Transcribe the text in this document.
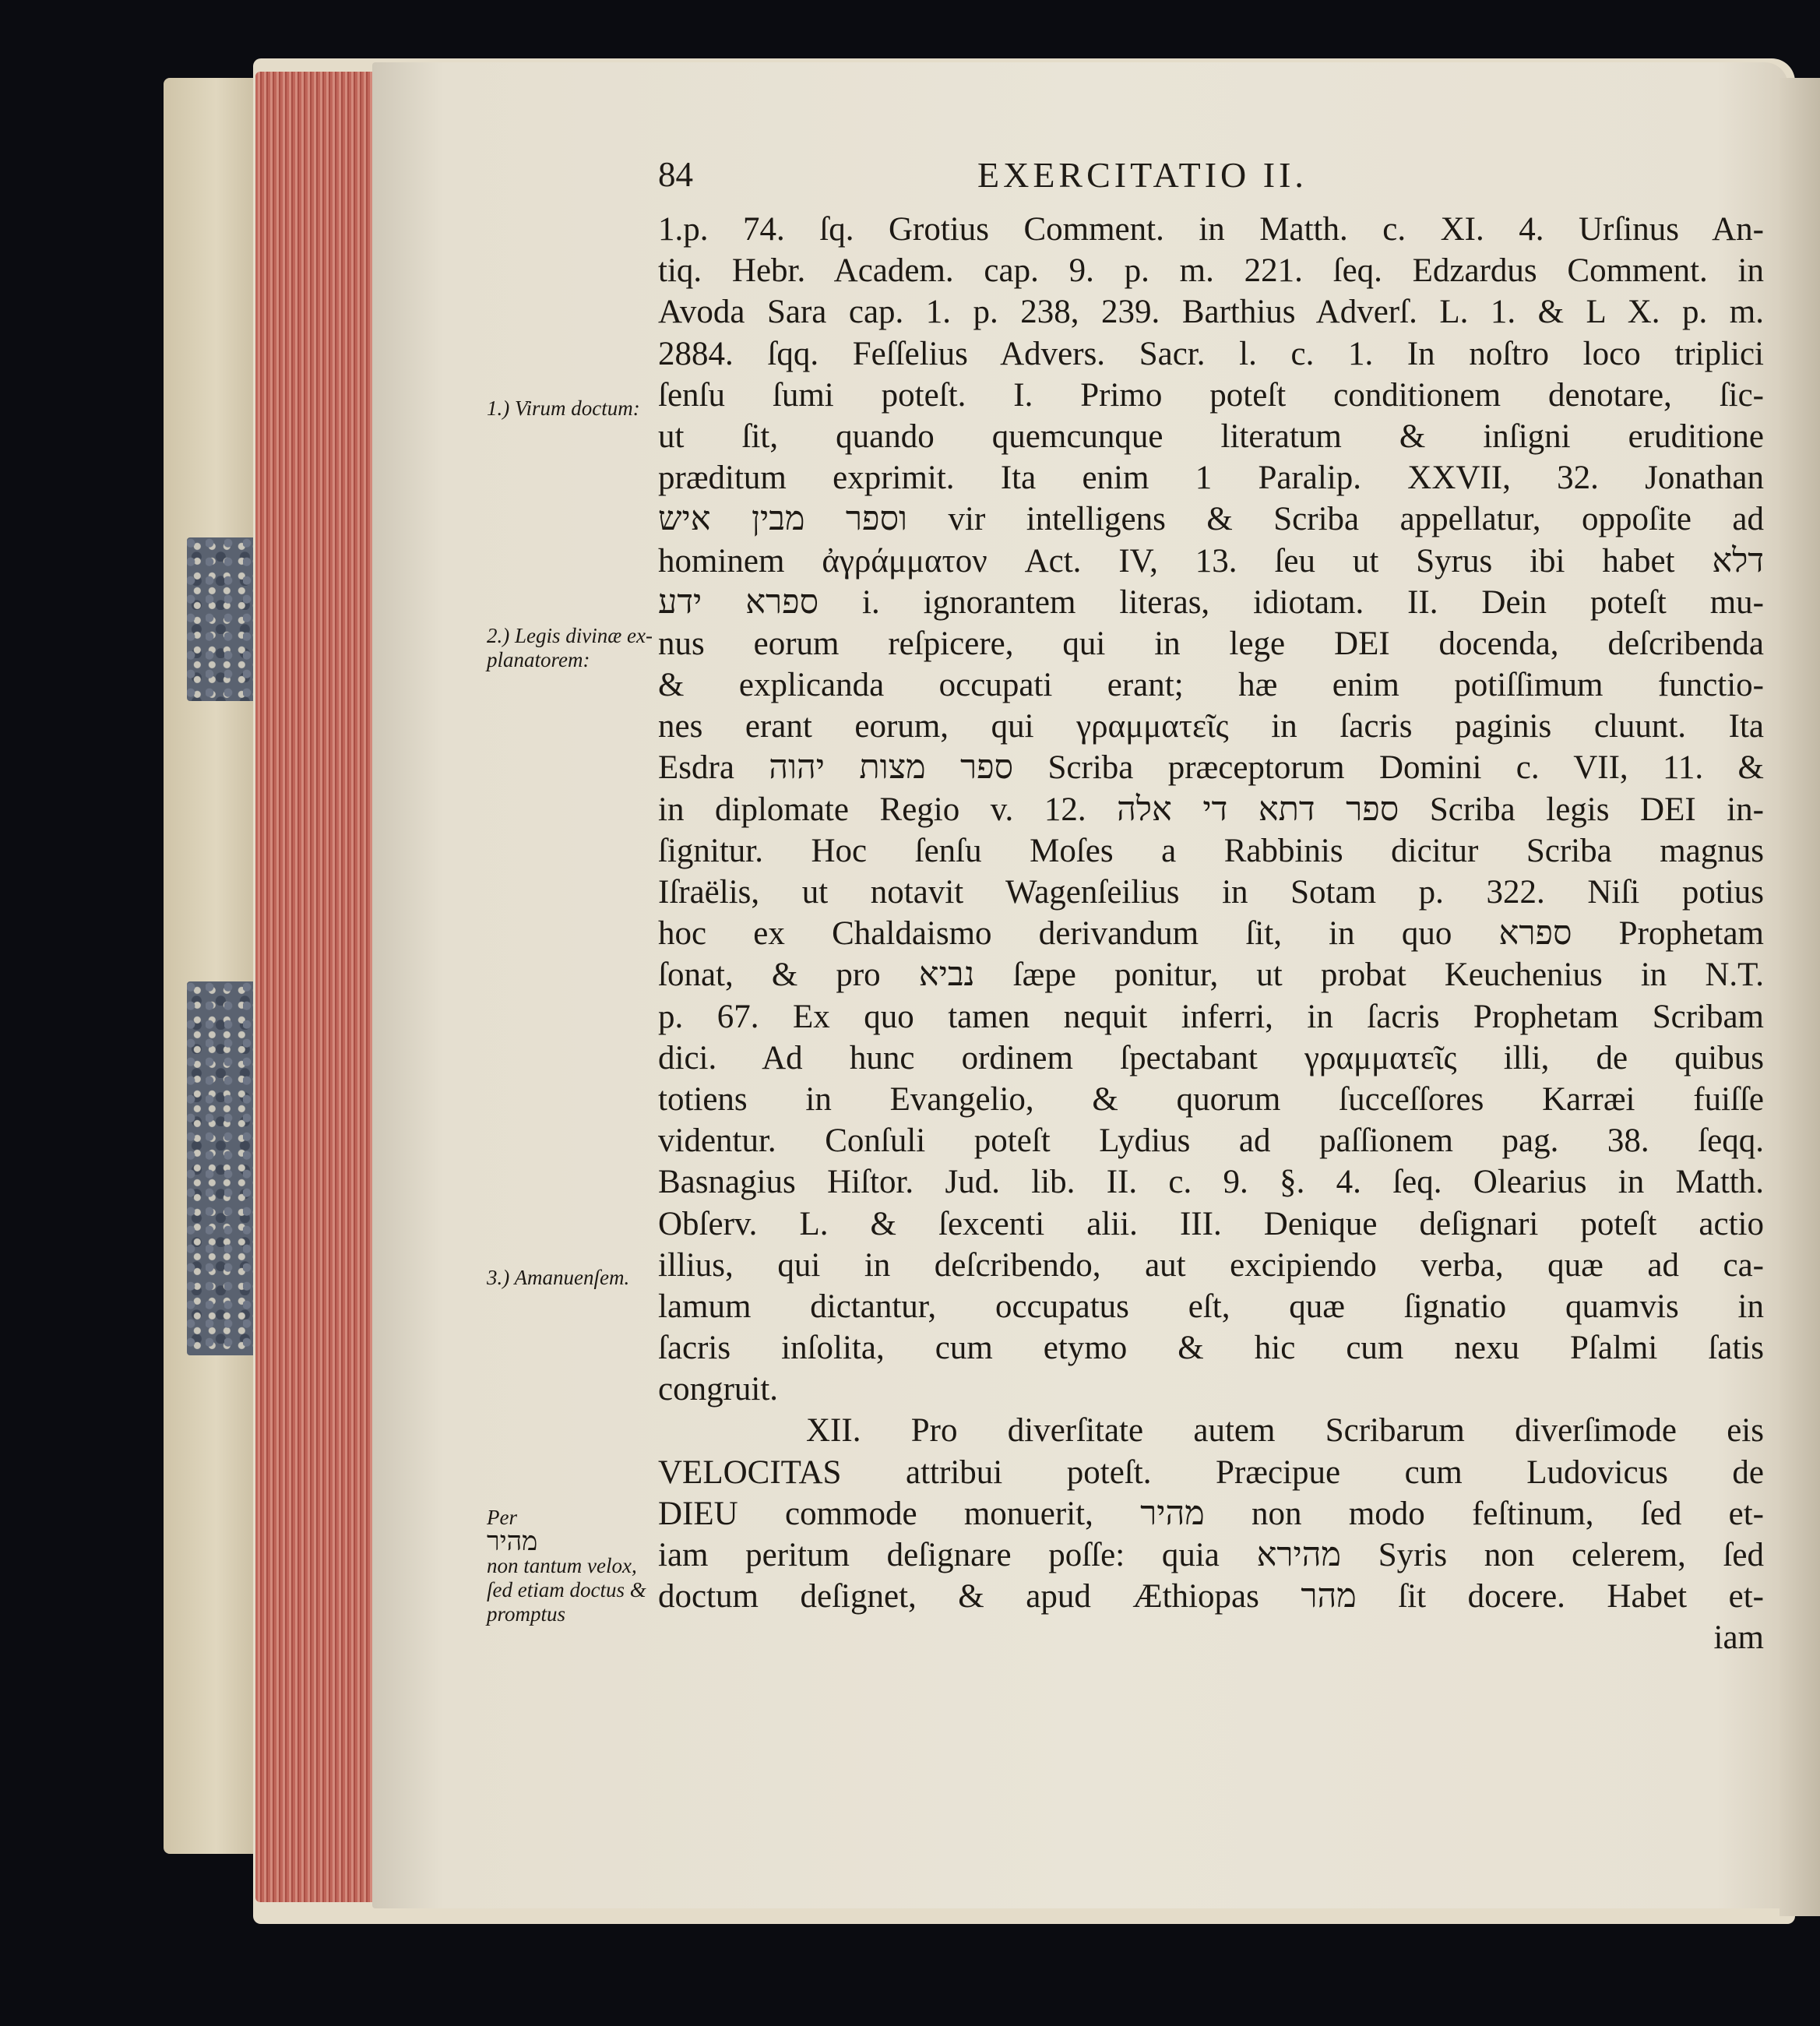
84	EXERCITATIO II.
1.) Virum doctum:
2.) Legis divinæ ex-planatorem:
3.) Amanuenſem.
Per
מהיר
non tantum velox, ſed etiam doctus & promptus
1.p. 74. ſq. Grotius Comment. in Matth. c. XI. 4. Urſinus An-
tiq. Hebr. Academ. cap. 9. p. m. 221. ſeq. Edzardus Comment. in
Avoda Sara cap. 1. p. 238, 239. Barthius Adverſ. L. 1. & L X. p. m.
2884. ſqq. Feſſelius Advers. Sacr. l. c. 1. In noſtro loco triplici
ſenſu ſumi poteſt. I. Primo poteſt conditionem denotare, ſic-
ut ſit, quando quemcunque literatum & inſigni eruditione
præditum exprimit. Ita enim 1 Paralip. XXVII, 32. Jonathan
וספר מבין איש vir intelligens & Scriba appellatur, oppoſite ad
hominem ἀγράμματον Act. IV, 13. ſeu ut Syrus ibi habet דלא
ספרא ידע i. ignorantem literas, idiotam. II. Dein poteſt mu-
nus eorum reſpicere, qui in lege DEI docenda, deſcribenda
& explicanda occupati erant; hæ enim potiſſimum functio-
nes erant eorum, qui γραμματεῖς in ſacris paginis cluunt. Ita
Esdra ספר מצות יהוה Scriba præceptorum Domini c. VII, 11. &
in diplomate Regio v. 12. ספר דתא די אלה Scriba legis DEI in-
ſignitur. Hoc ſenſu Moſes a Rabbinis dicitur Scriba magnus
Iſraëlis, ut notavit Wagenſeilius in Sotam p. 322. Niſi potius
hoc ex Chaldaismo derivandum ſit, in quo ספרא Prophetam
ſonat, & pro נביא ſæpe ponitur, ut probat Keuchenius in N.T.
p. 67. Ex quo tamen nequit inferri, in ſacris Prophetam Scribam
dici. Ad hunc ordinem ſpectabant γραμματεῖς illi, de quibus
totiens in Evangelio, & quorum ſucceſſores Karræi fuiſſe
videntur. Conſuli poteſt Lydius ad paſſionem pag. 38. ſeqq.
Basnagius Hiſtor. Jud. lib. II. c. 9. §. 4. ſeq. Olearius in Matth.
Obſerv. L. & ſexcenti alii. III. Denique deſignari poteſt actio
illius, qui in deſcribendo, aut excipiendo verba, quæ ad ca-
lamum dictantur, occupatus eſt, quæ ſignatio quamvis in
ſacris inſolita, cum etymo & hic cum nexu Pſalmi ſatis
congruit.
XII. Pro diverſitate autem Scribarum diverſimode eis
VELOCITAS attribui poteſt. Præcipue cum Ludovicus de
DIEU commode monuerit, מהיר non modo feſtinum, ſed et-
iam peritum deſignare poſſe: quia מהירא Syris non celerem, ſed
doctum deſignet, & apud Æthiopas מהר ſit docere. Habet et-
iam
